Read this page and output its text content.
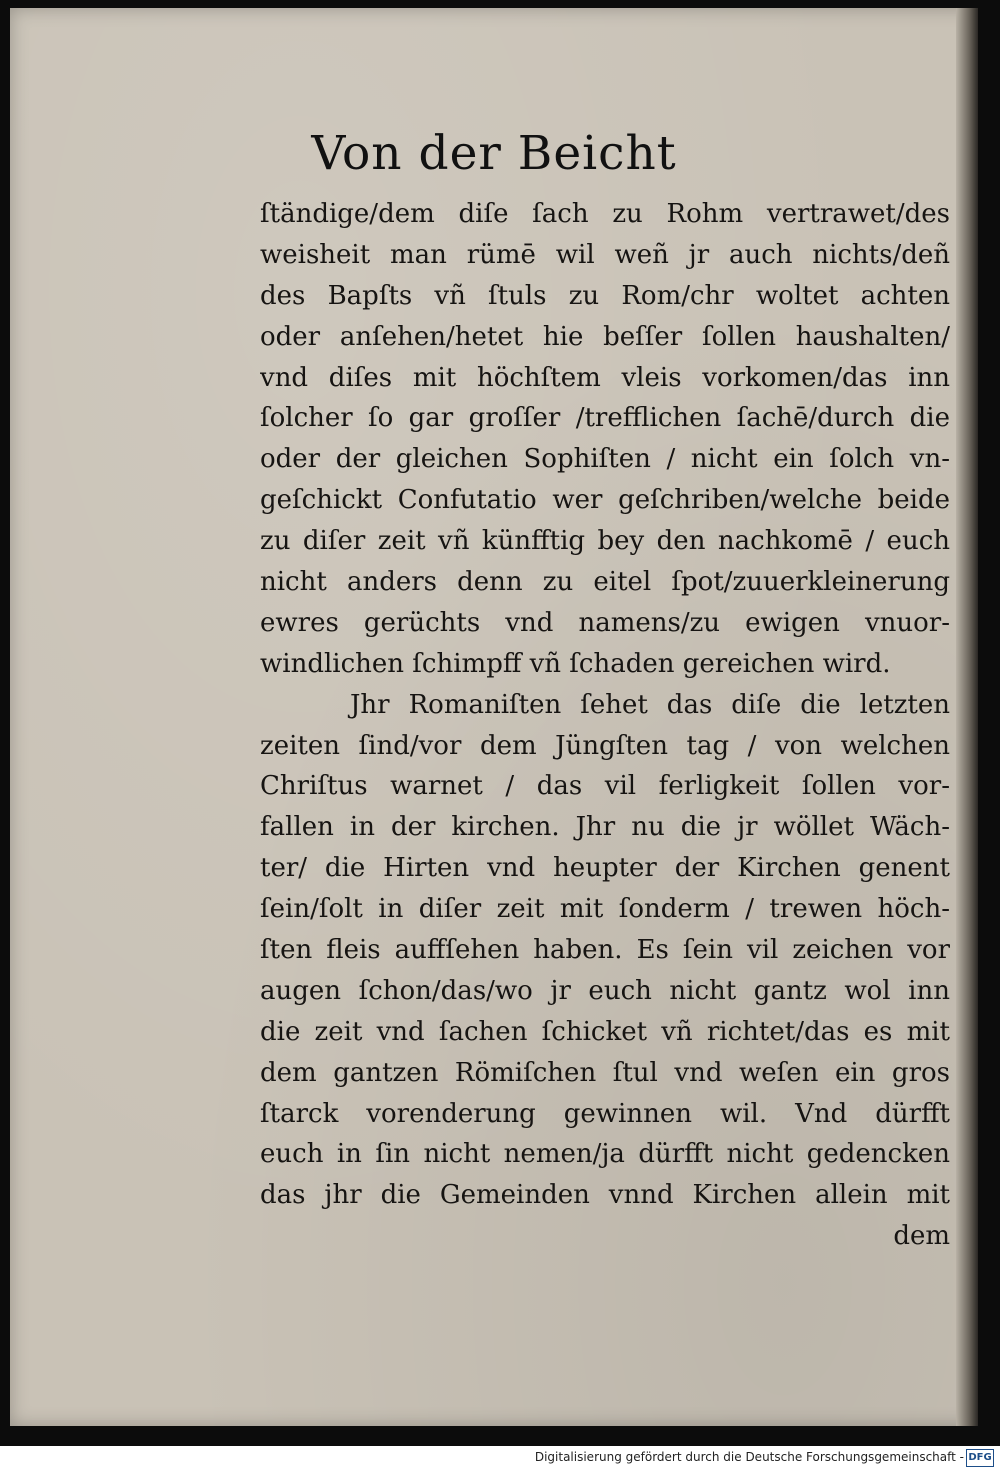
Von der Beicht
ſtändige/dem diſe ſach zu Rohm vertrawet/des
weisheit man rümē wil weñ jr auch nichts/deñ
des Bapſts vñ ſtuls zu Rom/chr woltet achten
oder anſehen/hetet hie beſſer ſollen haushalten/
vnd diſes mit höchſtem vleis vorkomen/das inn
ſolcher ſo gar groſſer /trefflichen ſachē/durch die
oder der gleichen Sophiſten / nicht ein ſolch vn-
geſchickt Confutatio wer geſchriben/welche beide
zu diſer zeit vñ künfftig bey den nachkomē / euch
nicht anders denn zu eitel ſpot/zuuerkleinerung
ewres gerüchts vnd namens/zu ewigen vnuor-
windlichen ſchimpff vñ ſchaden gereichen wird.
Jhr Romaniſten ſehet das diſe die letzten
zeiten ſind/vor dem Jüngſten tag / von welchen
Chriſtus warnet / das vil ferligkeit ſollen vor-
fallen in der kirchen. Jhr nu die jr wöllet Wäch-
ter/ die Hirten vnd heupter der Kirchen genent
ſein/ſolt in diſer zeit mit ſonderm / trewen höch-
ſten fleis auffſehen haben. Es ſein vil zeichen vor
augen ſchon/das/wo jr euch nicht gantz wol inn
die zeit vnd ſachen ſchicket vñ richtet/das es mit
dem gantzen Römiſchen ſtul vnd weſen ein gros
ſtarck vorenderung gewinnen wil. Vnd dürfft
euch in ſin nicht nemen/ja dürfft nicht gedencken
das jhr die Gemeinden vnnd Kirchen allein mit
dem
Digitalisierung gefördert durch die Deutsche Forschungsgemeinschaft - DFG
